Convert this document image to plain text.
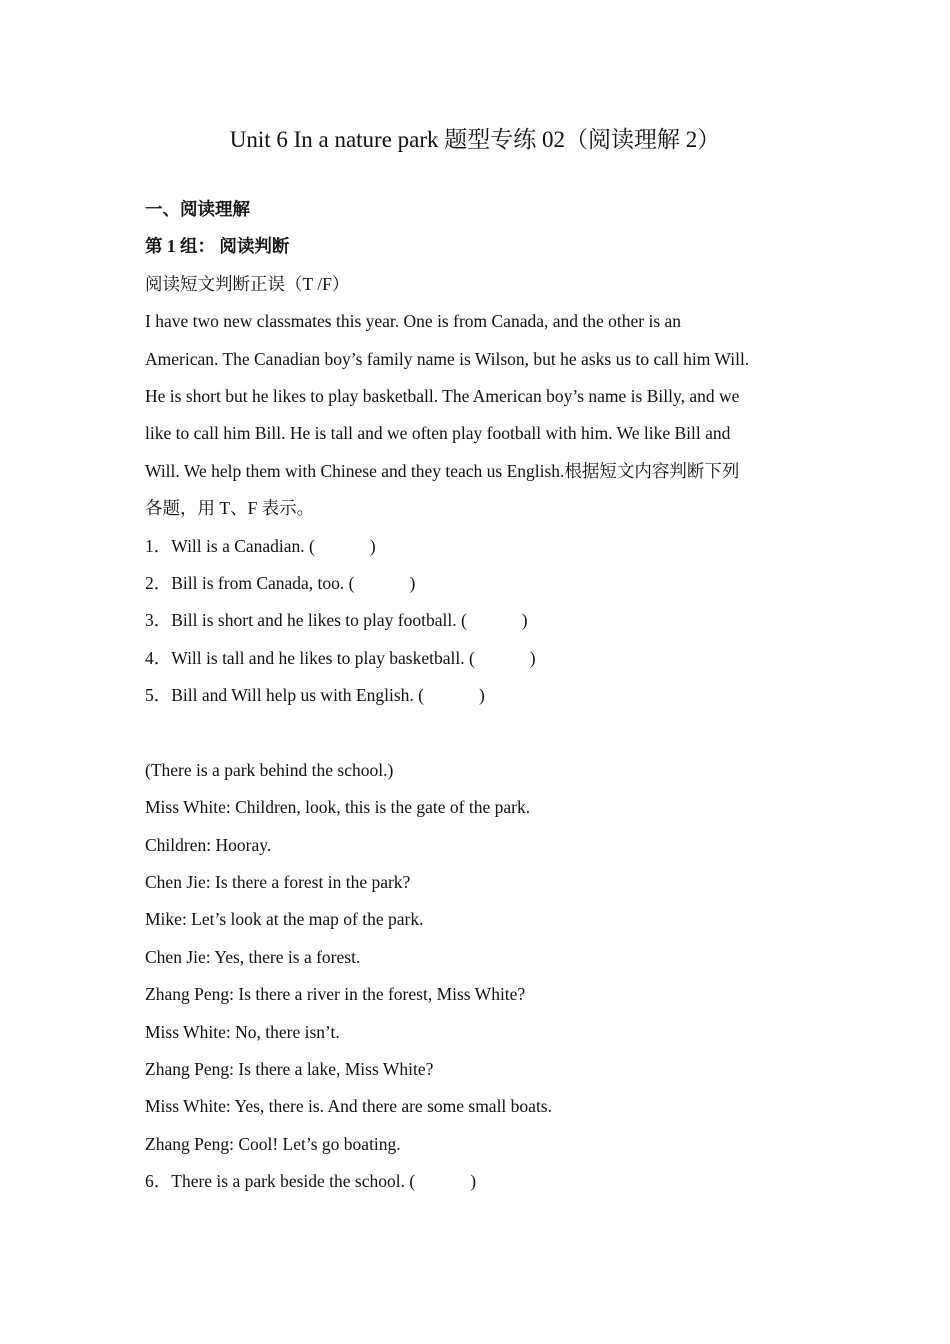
Unit 6 In a nature park 题型专练 02（阅读理解 2）
一、阅读理解
第 1 组： 阅读判断
阅读短文判断正误（T /F）
I have two new classmates this year. One is from Canada, and the other is an
American. The Canadian boy’s family name is Wilson, but he asks us to call him Will.
He is short but he likes to play basketball. The American boy’s name is Billy, and we
like to call him Bill. He is tall and we often play football with him. We like Bill and
Will. We help them with Chinese and they teach us English.根据短文内容判断下列
各题，用 T、F 表示。
1．Will is a Canadian. (	)
2．Bill is from Canada, too. (	)
3．Bill is short and he likes to play football. (	)
4．Will is tall and he likes to play basketball. (	)
5．Bill and Will help us with English. (	)
(There is a park behind the school.)
Miss White: Children, look, this is the gate of the park.
Children: Hooray.
Chen Jie: Is there a forest in the park?
Mike: Let’s look at the map of the park.
Chen Jie: Yes, there is a forest.
Zhang Peng: Is there a river in the forest, Miss White?
Miss White: No, there isn’t.
Zhang Peng: Is there a lake, Miss White?
Miss White: Yes, there is. And there are some small boats.
Zhang Peng: Cool! Let’s go boating.
6．There is a park beside the school. (	)
